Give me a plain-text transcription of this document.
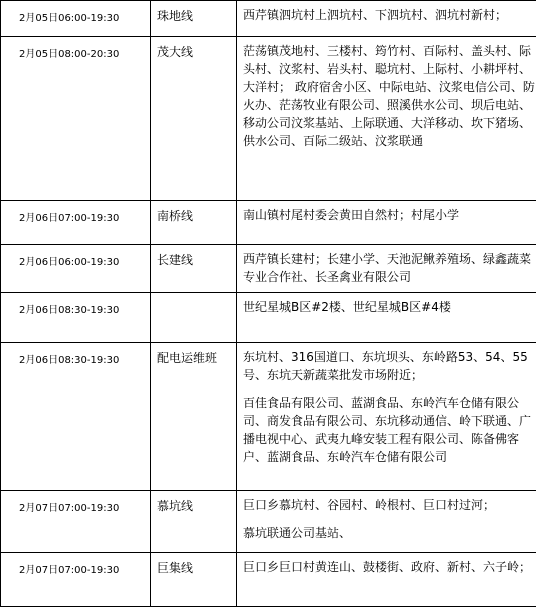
2月05日06:00-19:30	珠地线	西芹镇泗坑村上泗坑村、下泗坑村、泗坑村新村；

2月05日08:00-20:30	茂大线	茫荡镇茂地村、三楼村、筠竹村、百际村、盖头村、际头村、汶浆村、岩头村、聪坑村、上际村、小耕坪村、大洋村； 政府宿舍小区、中际电站、汶浆电信公司、防火办、茫荡牧业有限公司、照溪供水公司、坝后电站、移动公司汶浆基站、上际联通、大洋移动、坎下猪场、供水公司、百际二级站、汶浆联通

2月06日07:00-19:30	南桥线	南山镇村尾村委会黄田自然村；村尾小学

2月06日06:00-19:30	长建线	西芹镇长建村；长建小学、天池泥鳅养殖场、绿鑫蔬菜专业合作社、长圣禽业有限公司

2月06日08:30-19:30		世纪星城B区#2楼、世纪星城B区#4楼

2月06日08:30-19:30	配电运维班	东坑村、316国道口、东坑坝头、东岭路53、54、55号、东坑天新蔬菜批发市场附近；

百佳食品有限公司、蓝湖食品、东岭汽车仓储有限公司、商发食品有限公司、东坑移动通信、岭下联通、广播电视中心、武夷九峰安装工程有限公司、陈备佛客户、蓝湖食品、东岭汽车仓储有限公司

2月07日07:00-19:30	慕坑线	巨口乡慕坑村、谷园村、岭根村、巨口村过河；

慕坑联通公司基站、

2月07日07:00-19:30	巨集线	巨口乡巨口村黄连山、鼓楼街、政府、新村、六子岭；
